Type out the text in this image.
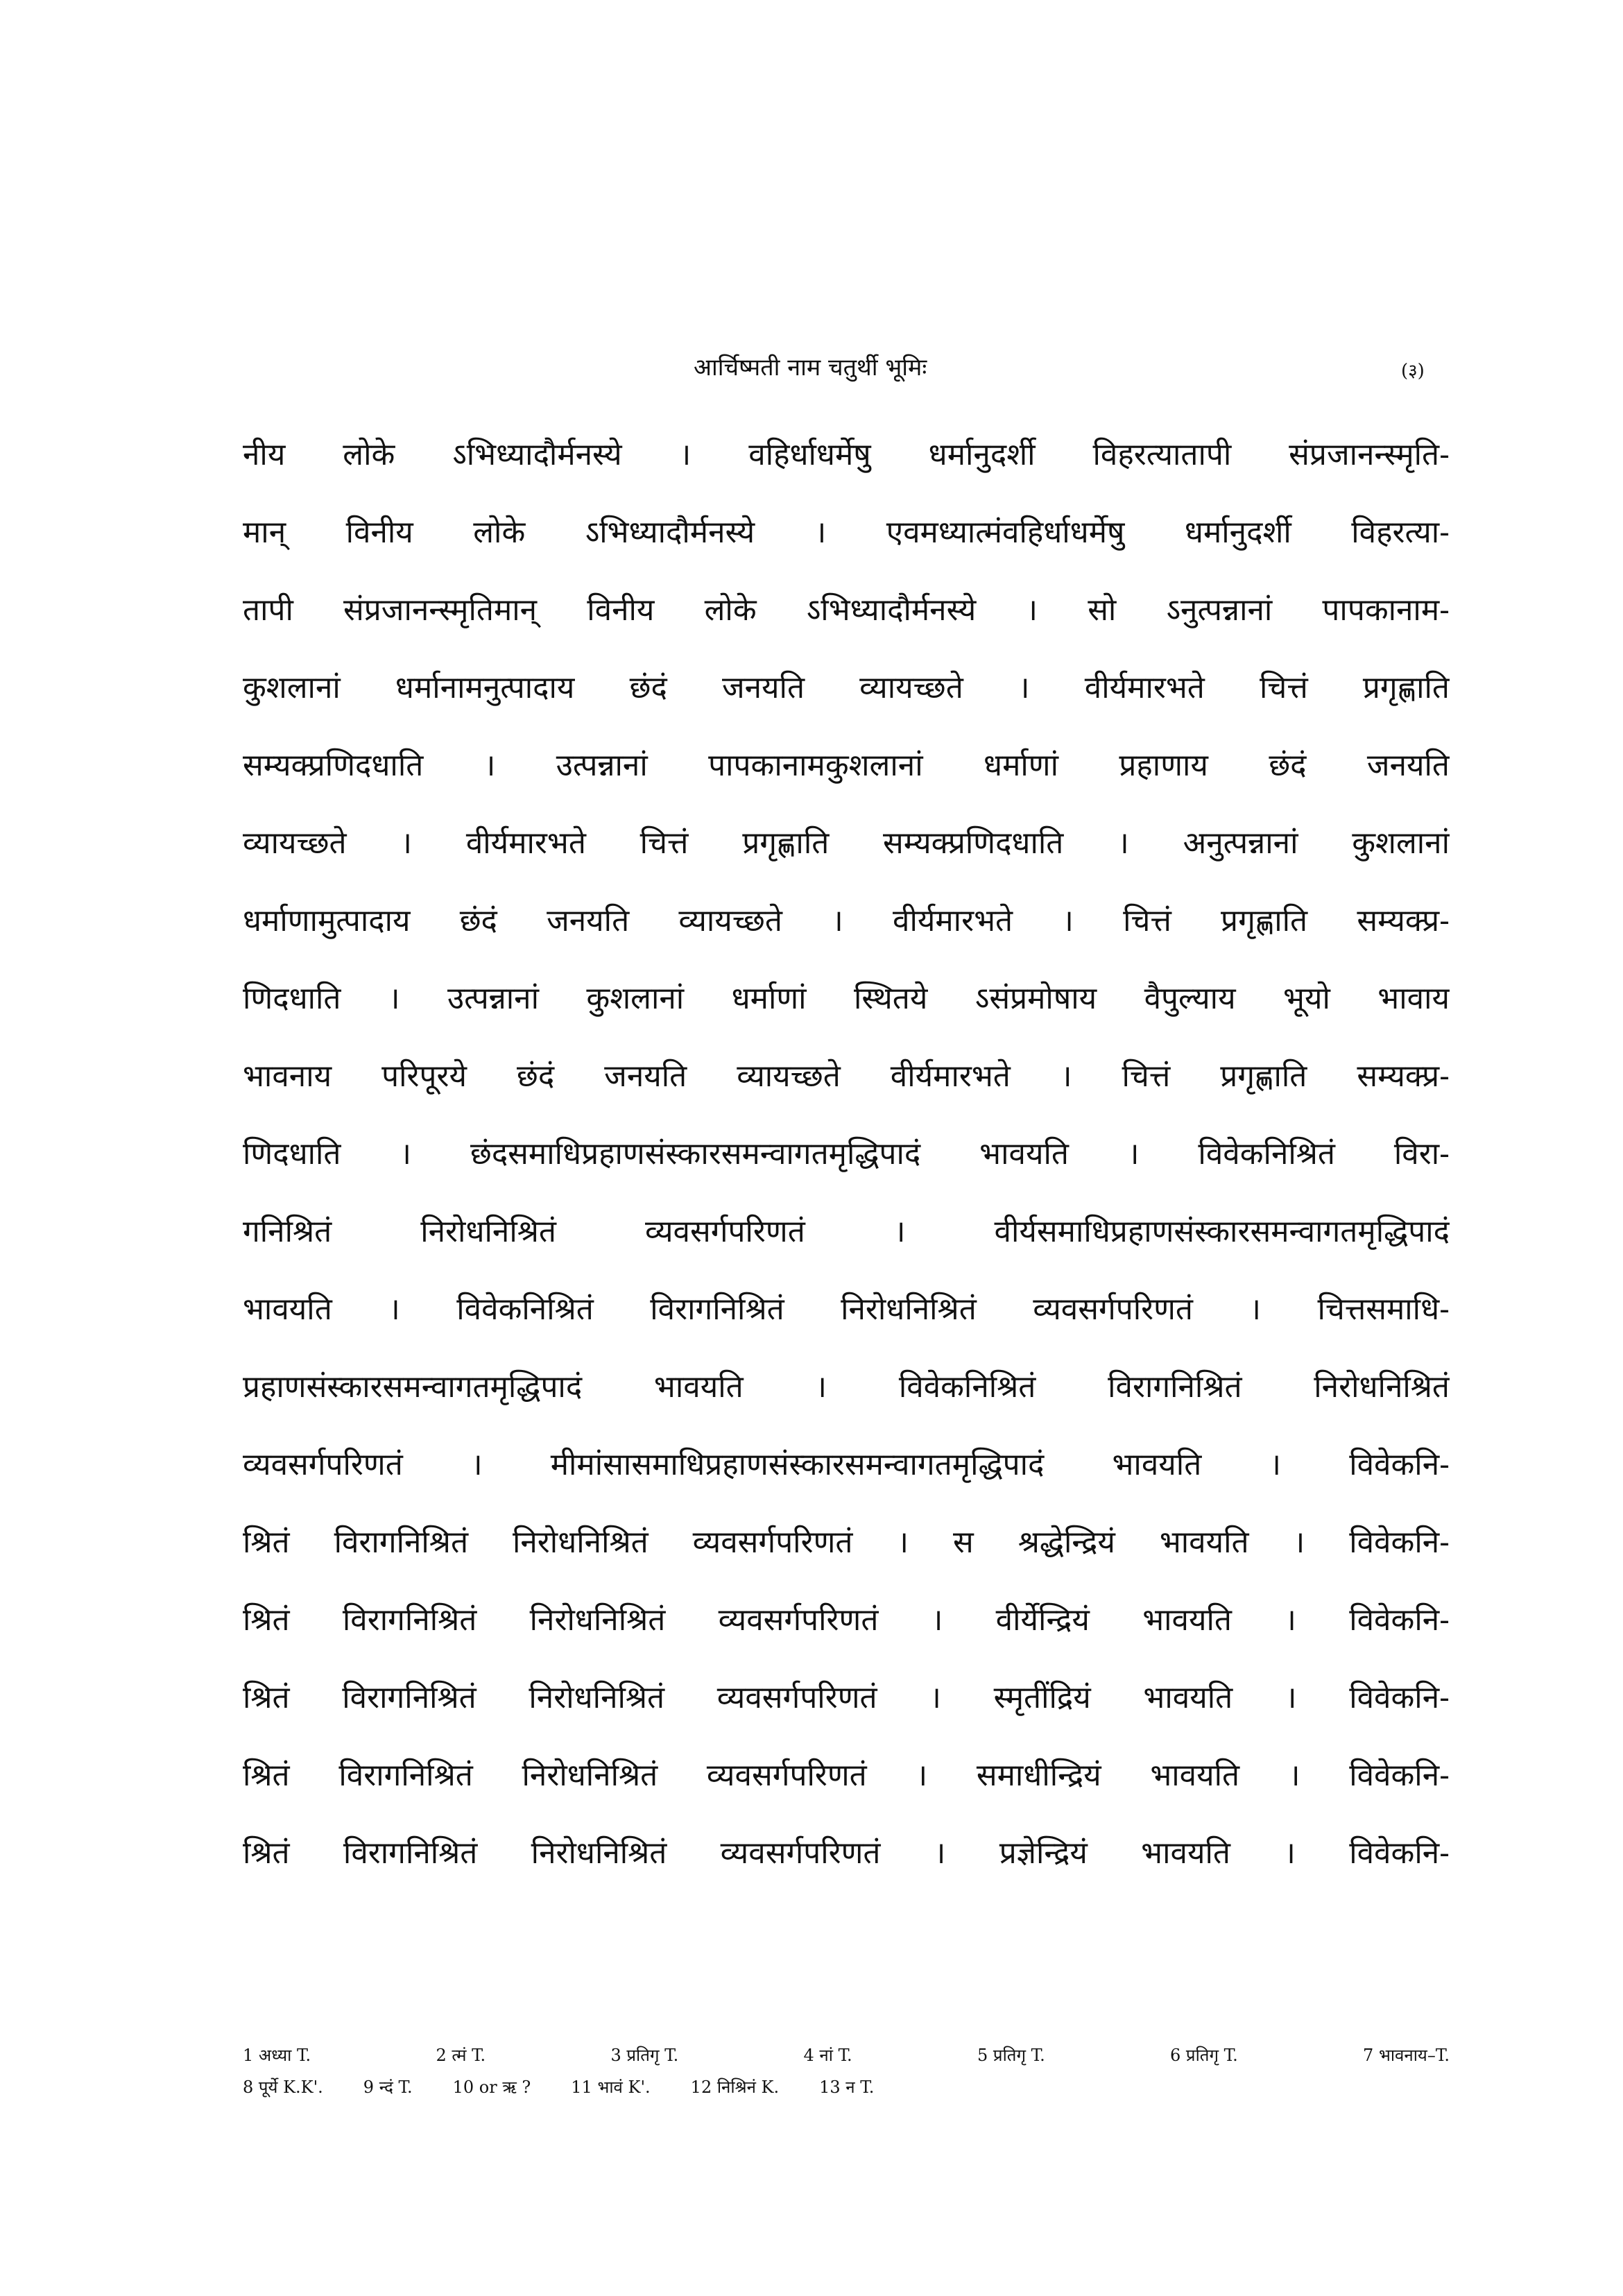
आर्चिष्मती नाम चतुर्थी भूमिः	(३)
नीय लोके ऽभिध्यादौर्मनस्ये । वहिर्धाधर्मेषु धर्मानुदर्शी विहरत्यातापी संप्रजानन्स्मृति-
मान् विनीय लोके ऽभिध्यादौर्मनस्ये । एवमध्यात्मंवहिर्धाधर्मेषु धर्मानुदर्शी विहरत्या-
तापी संप्रजानन्स्मृतिमान् विनीय लोके ऽभिध्यादौर्मनस्ये । सो ऽनुत्पन्नानां पापकानाम-
कुशलानां धर्मानामनुत्पादाय छंदं जनयति व्यायच्छते । वीर्यमारभते चित्तं प्रगृह्णाति
सम्यक्प्रणिदधाति । उत्पन्नानां पापकानामकुशलानां धर्माणां प्रहाणाय छंदं जनयति
व्यायच्छते । वीर्यमारभते चित्तं प्रगृह्णाति सम्यक्प्रणिदधाति । अनुत्पन्नानां कुशलानां
धर्माणामुत्पादाय छंदं जनयति व्यायच्छते । वीर्यमारभते । चित्तं प्रगृह्णाति सम्यक्प्र-
णिदधाति । उत्पन्नानां कुशलानां धर्माणां स्थितये ऽसंप्रमोषाय वैपुल्याय भूयो भावाय
भावनाय परिपूरये छंदं जनयति व्यायच्छते वीर्यमारभते । चित्तं प्रगृह्णाति सम्यक्प्र-
णिदधाति । छंदसमाधिप्रहाणसंस्कारसमन्वागतमृद्धिपादं भावयति । विवेकनिश्रितं विरा-
गनिश्रितं निरोधनिश्रितं व्यवसर्गपरिणतं । वीर्यसमाधिप्रहाणसंस्कारसमन्वागतमृद्धिपादं
भावयति । विवेकनिश्रितं विरागनिश्रितं निरोधनिश्रितं व्यवसर्गपरिणतं । चित्तसमाधि-
प्रहाणसंस्कारसमन्वागतमृद्धिपादं भावयति । विवेकनिश्रितं विरागनिश्रितं निरोधनिश्रितं
व्यवसर्गपरिणतं । मीमांसासमाधिप्रहाणसंस्कारसमन्वागतमृद्धिपादं भावयति । विवेकनि-
श्रितं विरागनिश्रितं निरोधनिश्रितं व्यवसर्गपरिणतं । स श्रद्धेन्द्रियं भावयति । विवेकनि-
श्रितं विरागनिश्रितं निरोधनिश्रितं व्यवसर्गपरिणतं । वीर्येन्द्रियं भावयति । विवेकनि-
श्रितं विरागनिश्रितं निरोधनिश्रितं व्यवसर्गपरिणतं । स्मृतींद्रियं भावयति । विवेकनि-
श्रितं विरागनिश्रितं निरोधनिश्रितं व्यवसर्गपरिणतं । समाधीन्द्रियं भावयति । विवेकनि-
श्रितं विरागनिश्रितं निरोधनिश्रितं व्यवसर्गपरिणतं । प्रज्ञेन्द्रियं भावयति । विवेकनि-
1 अध्या T.	2 त्मं T.	3 प्रतिगृ T.	4 नां T.	5 प्रतिगृ T.	6 प्रतिगृ T.	7 भावनाय–T.
8 पूर्ये K.K'. 9 न्दं T. 10 or ऋ ? 11 भावं K'. 12 निश्रिनं K. 13 न T.
